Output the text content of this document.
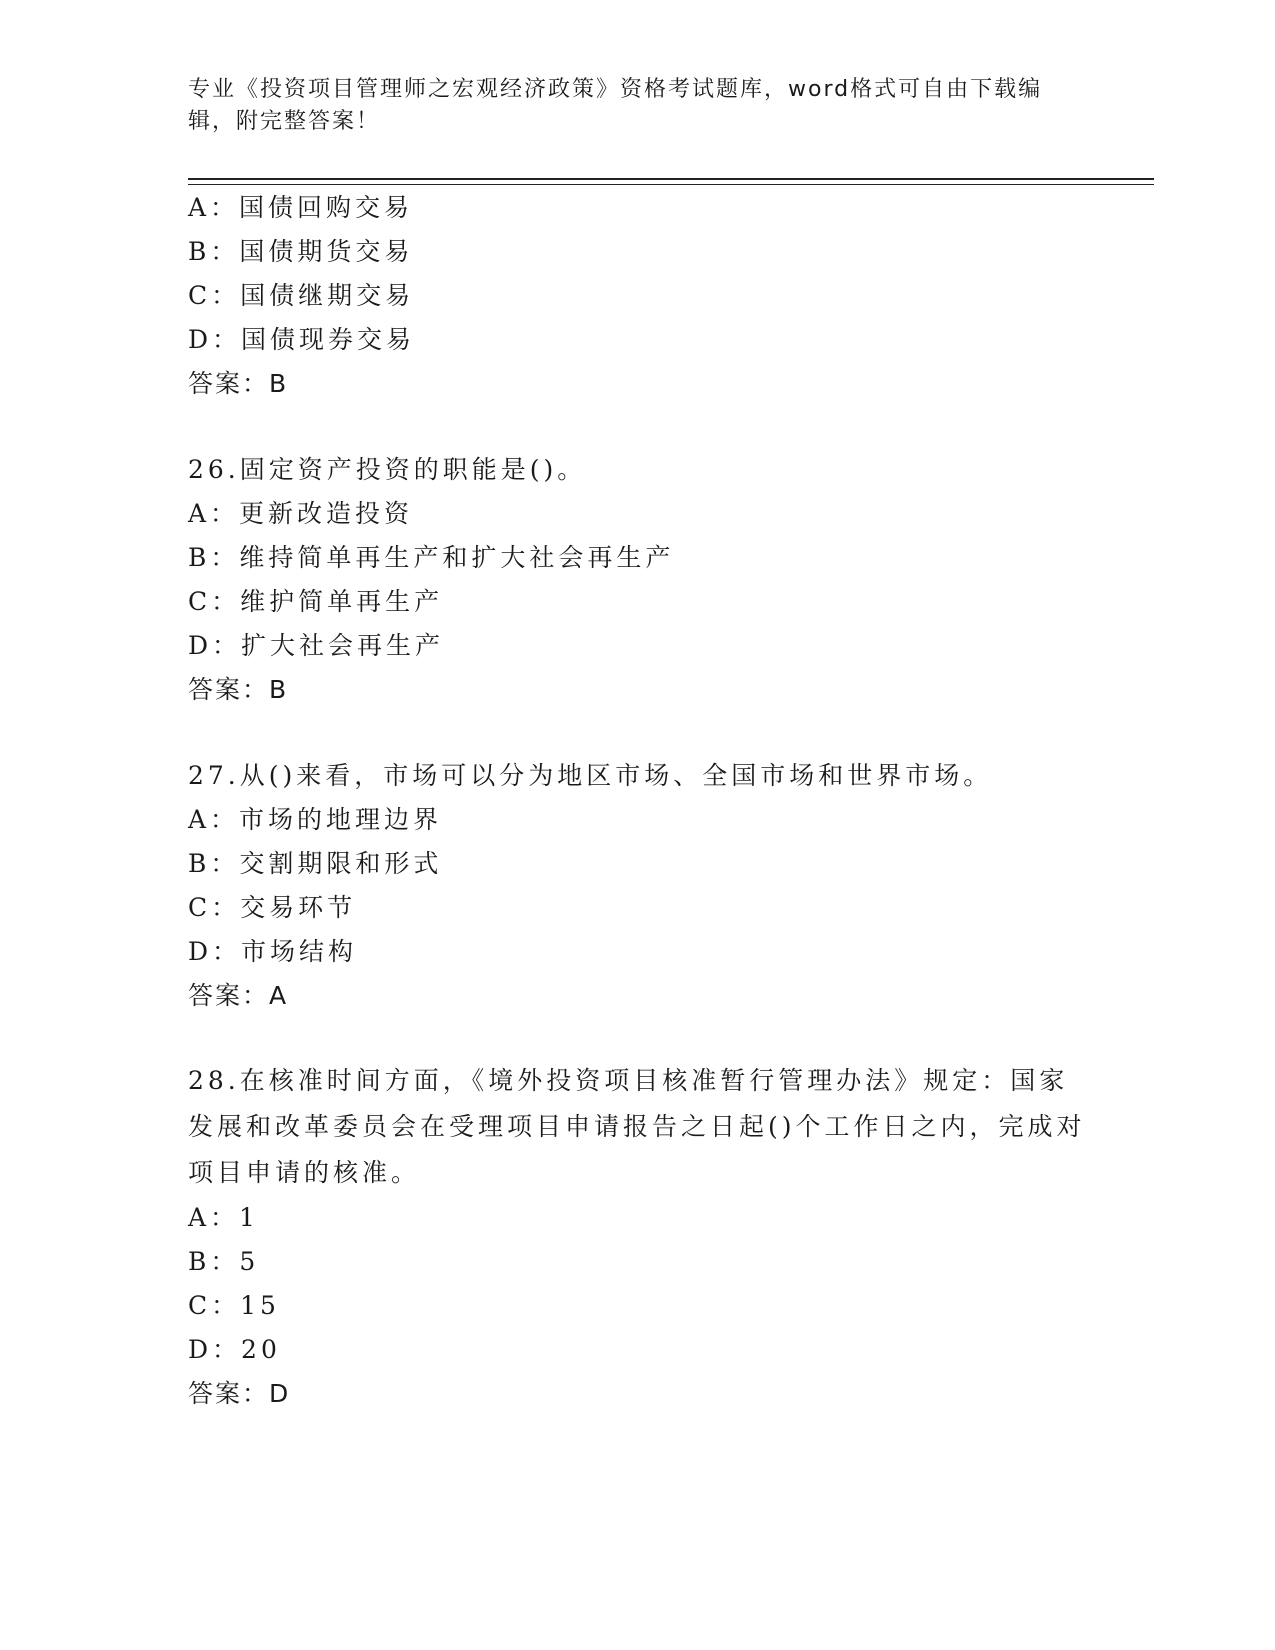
专业《投资项目管理师之宏观经济政策》资格考试题库，word格式可自由下载编辑，附完整答案！
A：国债回购交易
B：国债期货交易
C：国债继期交易
D：国债现券交易
答案：B
26.固定资产投资的职能是()。
A：更新改造投资
B：维持简单再生产和扩大社会再生产
C：维护简单再生产
D：扩大社会再生产
答案：B
27.从()来看，市场可以分为地区市场、全国市场和世界市场。
A：市场的地理边界
B：交割期限和形式
C：交易环节
D：市场结构
答案：A
28.在核准时间方面，《境外投资项目核准暂行管理办法》规定：国家发展和改革委员会在受理项目申请报告之日起()个工作日之内，完成对项目申请的核准。
A：1
B：5
C：15
D：20
答案：D
